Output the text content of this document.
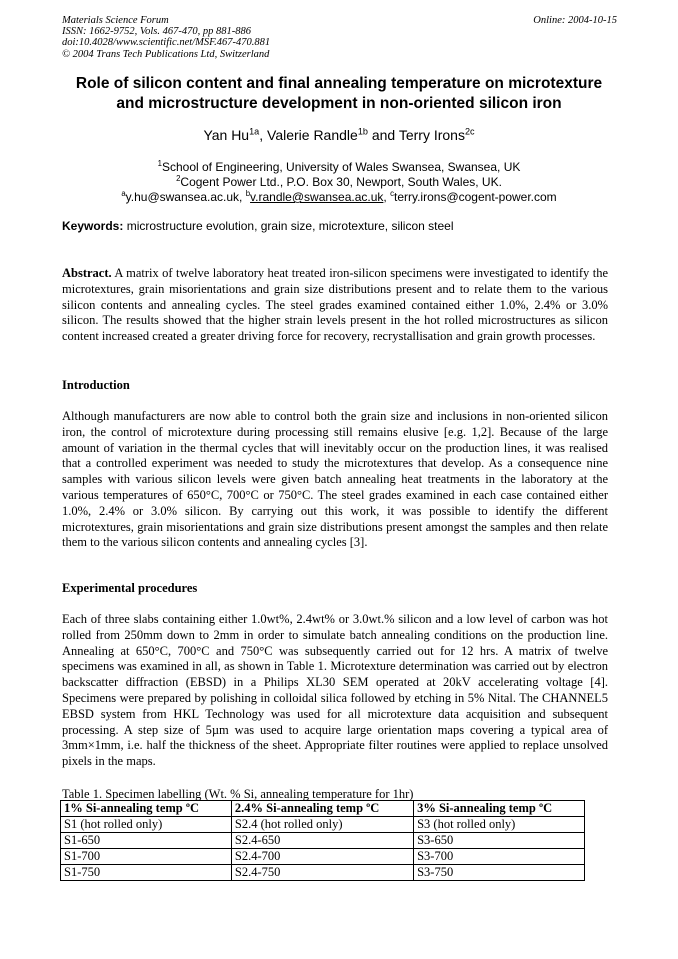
Materials Science Forum
ISSN: 1662-9752, Vols. 467-470, pp 881-886
doi:10.4028/www.scientific.net/MSF.467-470.881
© 2004 Trans Tech Publications Ltd, Switzerland
Online: 2004-10-15
Role of silicon content and final annealing temperature on microtexture
and microstructure development in non-oriented silicon iron
Yan $Hu^{1a}$, Valerie Randle$^{1b}$ and Terry Irons$^{2c}$
$^1$School of Engineering, University of Wales Swansea, Swansea, UK
$^2$Cogent Power Ltd., P.O. Box 30, Newport, South Wales, UK.
$^a$y.hu@swansea.ac.uk, $^b$v.randle@swansea.ac.uk, $^c$terry.irons@cogent-power.com
Keywords: microstructure evolution, grain size, microtexture, silicon steel
Abstract. A matrix of twelve laboratory heat treated iron-silicon specimens were investigated to identify the microtextures, grain misorientations and grain size distributions present and to relate them to the various silicon contents and annealing cycles. The steel grades examined contained either 1.0%, 2.4% or 3.0% silicon. The results showed that the higher strain levels present in the hot rolled microstructures as silicon content increased created a greater driving force for recovery, recrystallisation and grain growth processes.
Introduction
Although manufacturers are now able to control both the grain size and inclusions in non-oriented silicon iron, the control of microtexture during processing still remains elusive [e.g. 1,2]. Because of the large amount of variation in the thermal cycles that will inevitably occur on the production lines, it was realised that a controlled experiment was needed to study the microtextures that develop. As a consequence nine samples with various silicon levels were given batch annealing heat treatments in the laboratory at the various temperatures of 650°C, 700°C or 750°C. The steel grades examined in each case contained either 1.0%, 2.4% or 3.0% silicon. By carrying out this work, it was possible to identify the different microtextures, grain misorientations and grain size distributions present amongst the samples and then relate them to the various silicon contents and annealing cycles [3].
Experimental procedures
Each of three slabs containing either 1.0wt%, 2.4wt% or 3.0wt.% silicon and a low level of carbon was hot rolled from 250mm down to 2mm in order to simulate batch annealing conditions on the production line. Annealing at 650°C, 700°C and 750°C was subsequently carried out for 12 hrs. A matrix of twelve specimens was examined in all, as shown in Table 1. Microtexture determination was carried out by electron backscatter diffraction (EBSD) in a Philips XL30 SEM operated at 20kV accelerating voltage [4]. Specimens were prepared by polishing in colloidal silica followed by etching in 5% Nital. The CHANNEL5 EBSD system from HKL Technology was used for all microtexture data acquisition and subsequent processing. A step size of 5µm was used to acquire large orientation maps covering a typical area of 3mm×1mm, i.e. half the thickness of the sheet. Appropriate filter routines were applied to replace unsolved pixels in the maps.
Table 1. Specimen labelling (Wt. % Si, annealing temperature for 1hr)
1% Si-annealing temp ºC	2.4% Si-annealing temp ºC	3% Si-annealing temp ºC
S1 (hot rolled only)	S2.4 (hot rolled only)	S3 (hot rolled only)
S1-650	S2.4-650	S3-650
S1-700	S2.4-700	S3-700
S1-750	S2.4-750	S3-750
